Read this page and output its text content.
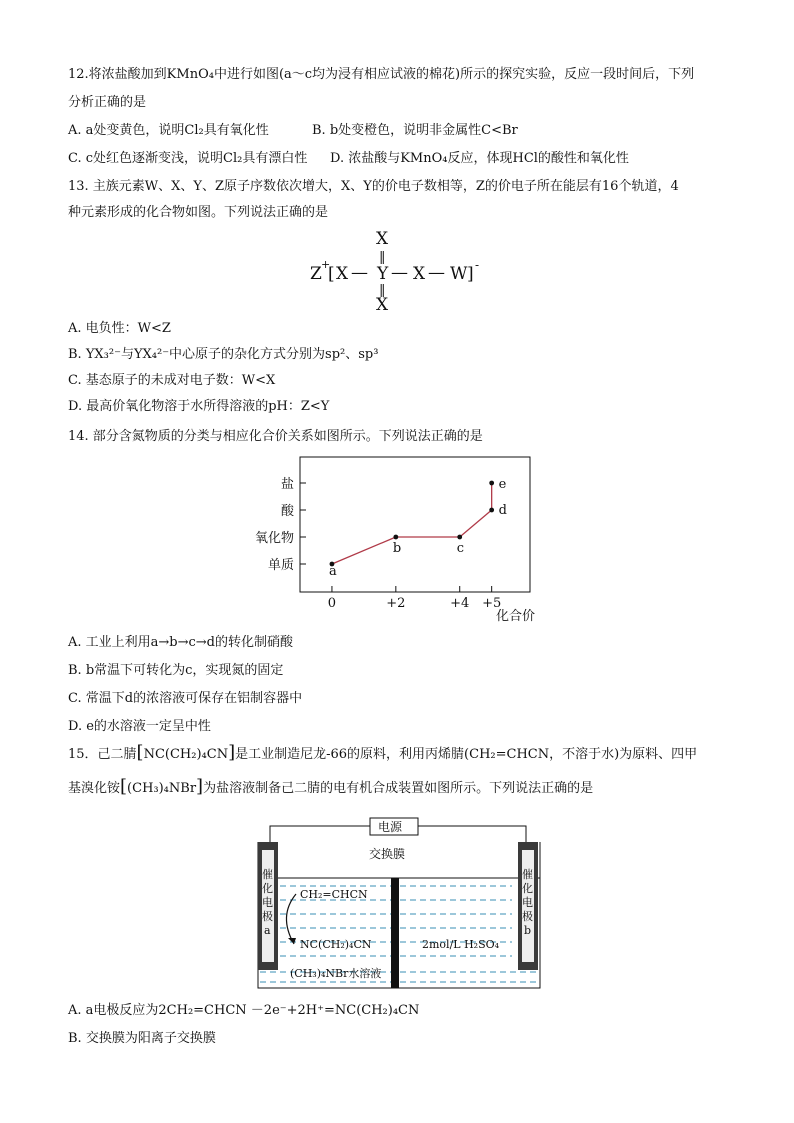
12.将浓盐酸加到KMnO₄中进行如图(a～c均为浸有相应试液的棉花)所示的探究实验，反应一段时间后，下列
分析正确的是
A. a处变黄色，说明Cl₂具有氧化性	B. b处变橙色，说明非金属性C<Br
C. c处红色逐渐变浅，说明Cl₂具有漂白性 D. 浓盐酸与KMnO₄反应，体现HCl的酸性和氧化性
13. 主族元素W、X、Y、Z原子序数依次增大，X、Y的价电子数相等，Z的价电子所在能层有16个轨道，4
种元素形成的化合物如图。下列说法正确的是
X
‖
Z +
[ X — Y — X — W ] -
‖
X
A. 电负性：W<Z
B. YX₃²⁻与YX₄²⁻中心原子的杂化方式分别为sp²、sp³
C. 基态原子的未成对电子数：W<X
D. 最高价氧化物溶于水所得溶液的pH：Z<Y
14. 部分含氮物质的分类与相应化合价关系如图所示。下列说法正确的是
单质
氧化物
酸
盐
0	+2	+4 +5
a
b	c
d
e
化合价
A. 工业上利用a→b→c→d的转化制硝酸
B. b常温下可转化为c，实现氮的固定
C. 常温下d的浓溶液可保存在铝制容器中
D. e的水溶液一定呈中性
15．己二腈[NC(CH₂)₄CN]是工业制造尼龙-66的原料，利用丙烯腈(CH₂=CHCN，不溶于水)为原料、四甲
基溴化铵[(CH₃)₄NBr]为盐溶液制备己二腈的电有机合成装置如图所示。下列说法正确的是
电源
交换膜
催
化
电
极
a
催
化
电
极
b
CH₂=CHCN
NC(CH₂)₄CN	2mol/L H₂SO₄
(CH₃)₄NBr水溶液
A. a电极反应为2CH₂=CHCN －2e⁻+2H⁺=NC(CH₂)₄CN
B. 交换膜为阳离子交换膜
